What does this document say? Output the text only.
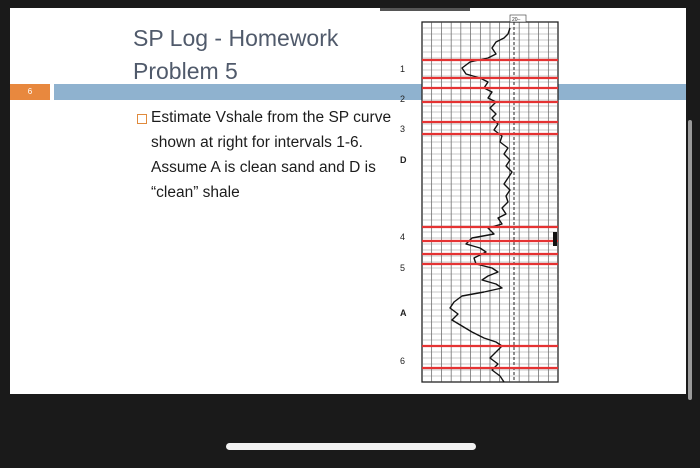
SP Log - Homework
Problem 5
6
Estimate Vshale from the SP curve shown at right for intervals 1-6. Assume A is clean sand and D is “clean” shale
1
2
3
D
4
5
A
6
20–
